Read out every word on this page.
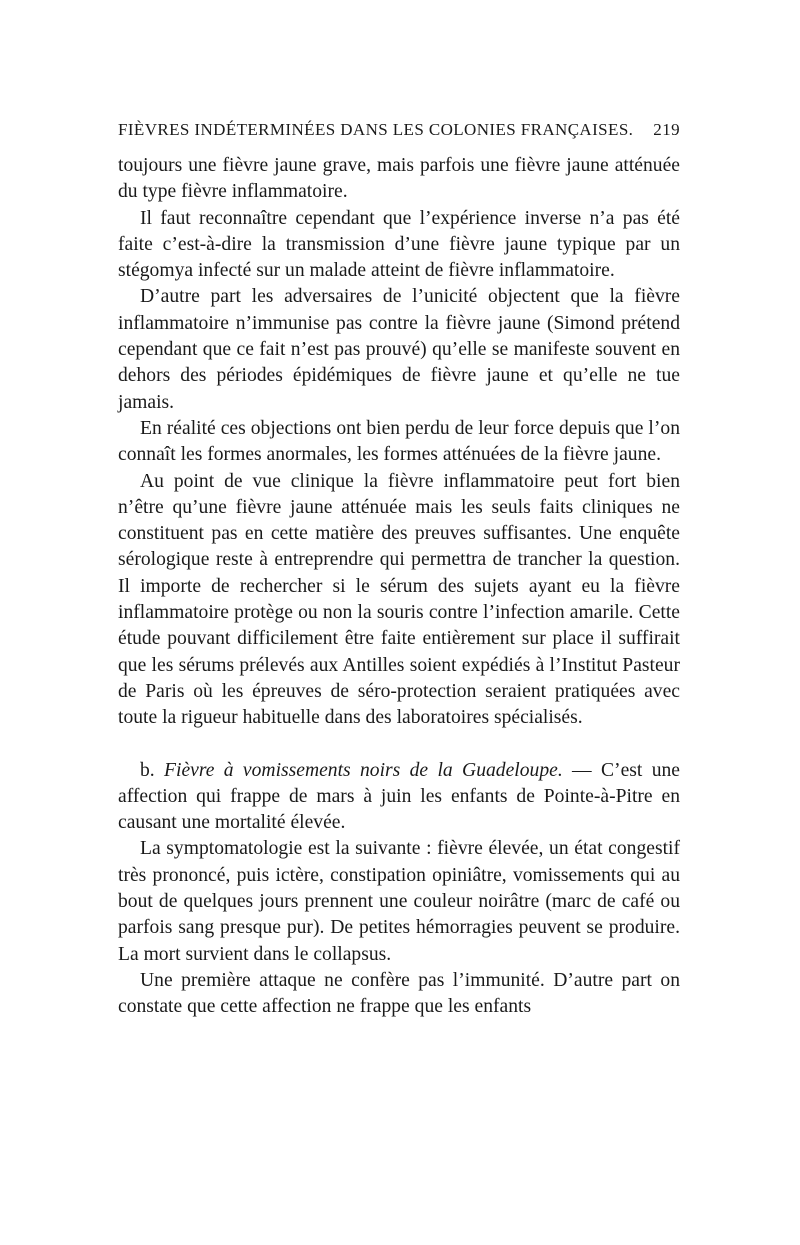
FIÈVRES INDÉTERMINÉES DANS LES COLONIES FRANÇAISES. 219

toujours une fièvre jaune grave, mais parfois une fièvre jaune atténuée du type fièvre inflammatoire.

Il faut reconnaître cependant que l’expérience inverse n’a pas été faite c’est-à-dire la transmission d’une fièvre jaune typique par un stégomya infecté sur un malade atteint de fièvre inflammatoire.

D’autre part les adversaires de l’unicité objectent que la fièvre inflammatoire n’immunise pas contre la fièvre jaune (Simond prétend cependant que ce fait n’est pas prouvé) qu’elle se manifeste souvent en dehors des périodes épidémiques de fièvre jaune et qu’elle ne tue jamais.

En réalité ces objections ont bien perdu de leur force depuis que l’on connaît les formes anormales, les formes atténuées de la fièvre jaune.

Au point de vue clinique la fièvre inflammatoire peut fort bien n’être qu’une fièvre jaune atténuée mais les seuls faits cliniques ne constituent pas en cette matière des preuves suffisantes. Une enquête sérologique reste à entreprendre qui permettra de trancher la question. Il importe de rechercher si le sérum des sujets ayant eu la fièvre inflammatoire protège ou non la souris contre l’infection amarile. Cette étude pouvant difficilement être faite entièrement sur place il suffirait que les sérums prélevés aux Antilles soient expédiés à l’Institut Pasteur de Paris où les épreuves de séro-protection seraient pratiquées avec toute la rigueur habituelle dans des laboratoires spécialisés.

b. Fièvre à vomissements noirs de la Guadeloupe. — C’est une affection qui frappe de mars à juin les enfants de Pointe-à-Pitre en causant une mortalité élevée.

La symptomatologie est la suivante : fièvre élevée, un état congestif très prononcé, puis ictère, constipation opiniâtre, vomissements qui au bout de quelques jours prennent une couleur noirâtre (marc de café ou parfois sang presque pur). De petites hémorragies peuvent se produire. La mort survient dans le collapsus.

Une première attaque ne confère pas l’immunité. D’autre part on constate que cette affection ne frappe que les enfants
